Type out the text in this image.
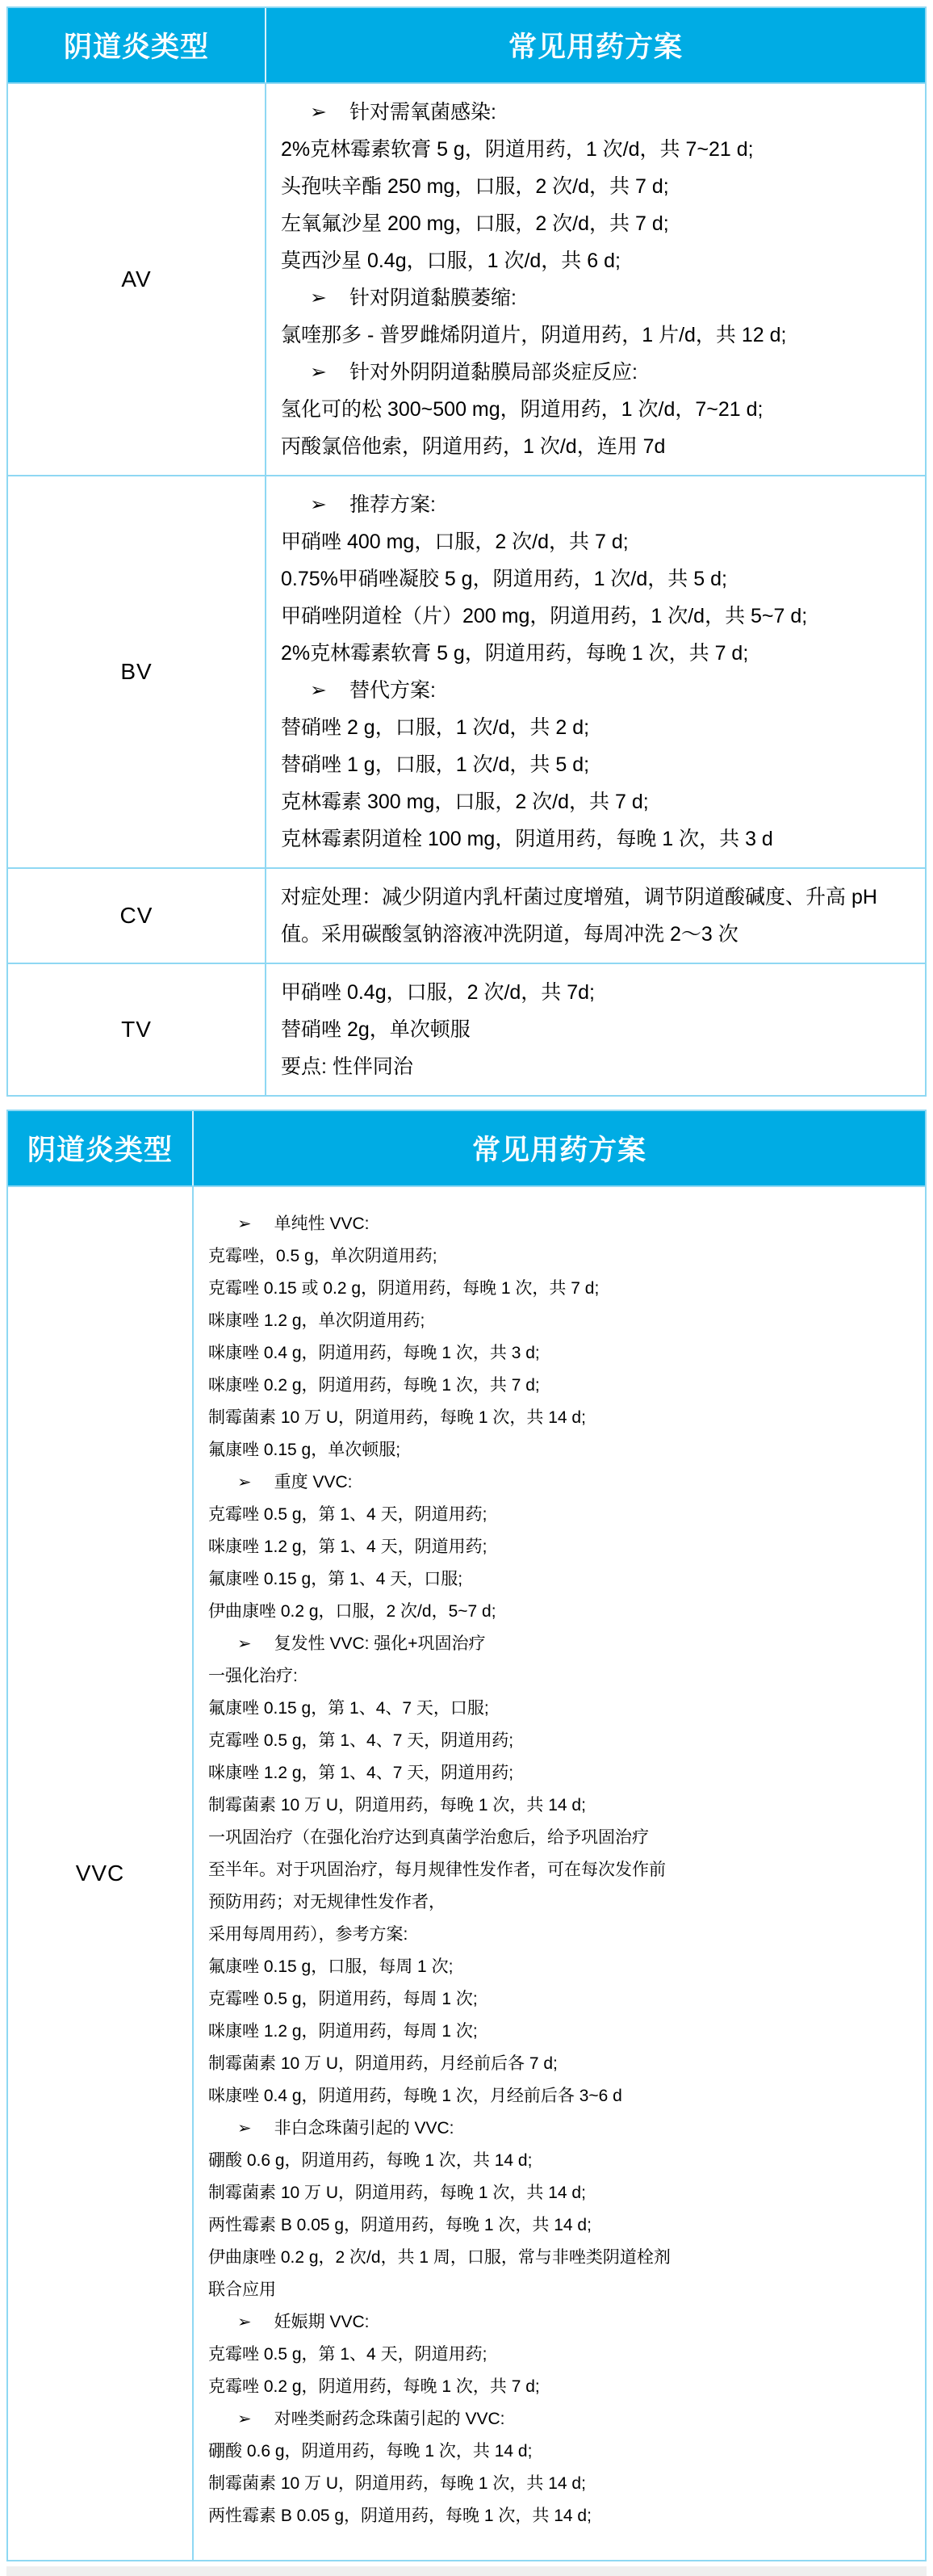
阴道炎类型	常见用药方案
AV
➢ 针对需氧菌感染:
2%克林霉素软膏 5 g，阴道用药，1 次/d，共 7~21 d;
头孢呋辛酯 250 mg，口服，2 次/d，共 7 d;
左氧氟沙星 200 mg，口服，2 次/d，共 7 d;
莫西沙星 0.4g，口服，1 次/d，共 6 d;
➢ 针对阴道黏膜萎缩:
氯喹那多 - 普罗雌烯阴道片，阴道用药，1 片/d，共 12 d;
➢ 针对外阴阴道黏膜局部炎症反应:
氢化可的松 300~500 mg，阴道用药，1 次/d，7~21 d;
丙酸氯倍他索，阴道用药，1 次/d，连用 7d
BV
➢ 推荐方案:
甲硝唑 400 mg，口服，2 次/d，共 7 d;
0.75%甲硝唑凝胶 5 g，阴道用药，1 次/d，共 5 d;
甲硝唑阴道栓（片）200 mg，阴道用药，1 次/d，共 5~7 d;
2%克林霉素软膏 5 g，阴道用药，每晚 1 次，共 7 d;
➢ 替代方案:
替硝唑 2 g，口服，1 次/d，共 2 d;
替硝唑 1 g，口服，1 次/d，共 5 d;
克林霉素 300 mg，口服，2 次/d，共 7 d;
克林霉素阴道栓 100 mg，阴道用药，每晚 1 次，共 3 d
CV
对症处理：减少阴道内乳杆菌过度增殖，调节阴道酸碱度、升高 pH 值。采用碳酸氢钠溶液冲洗阴道，每周冲洗 2～3 次
TV
甲硝唑 0.4g，口服，2 次/d，共 7d;
替硝唑 2g，单次顿服
要点: 性伴同治
阴道炎类型	常见用药方案
VVC
➢ 单纯性 VVC:
克霉唑，0.5 g，单次阴道用药;
克霉唑 0.15 或 0.2 g，阴道用药，每晚 1 次，共 7 d;
咪康唑 1.2 g，单次阴道用药;
咪康唑 0.4 g，阴道用药，每晚 1 次，共 3 d;
咪康唑 0.2 g，阴道用药，每晚 1 次，共 7 d;
制霉菌素 10 万 U，阴道用药，每晚 1 次，共 14 d;
氟康唑 0.15 g，单次顿服;
➢ 重度 VVC:
克霉唑 0.5 g，第 1、4 天，阴道用药;
咪康唑 1.2 g，第 1、4 天，阴道用药;
氟康唑 0.15 g，第 1、4 天，口服;
伊曲康唑 0.2 g，口服，2 次/d，5~7 d;
➢ 复发性 VVC: 强化+巩固治疗
一强化治疗:
氟康唑 0.15 g，第 1、4、7 天，口服;
克霉唑 0.5 g，第 1、4、7 天，阴道用药;
咪康唑 1.2 g，第 1、4、7 天，阴道用药;
制霉菌素 10 万 U，阴道用药，每晚 1 次，共 14 d;
一巩固治疗（在强化治疗达到真菌学治愈后，给予巩固治疗
至半年。对于巩固治疗，每月规律性发作者，可在每次发作前
预防用药；对无规律性发作者，
采用每周用药），参考方案:
氟康唑 0.15 g，口服，每周 1 次;
克霉唑 0.5 g，阴道用药，每周 1 次;
咪康唑 1.2 g，阴道用药，每周 1 次;
制霉菌素 10 万 U，阴道用药，月经前后各 7 d;
咪康唑 0.4 g，阴道用药，每晚 1 次，月经前后各 3~6 d
➢ 非白念珠菌引起的 VVC:
硼酸 0.6 g，阴道用药，每晚 1 次，共 14 d;
制霉菌素 10 万 U，阴道用药，每晚 1 次，共 14 d;
两性霉素 B 0.05 g，阴道用药，每晚 1 次，共 14 d;
伊曲康唑 0.2 g，2 次/d，共 1 周，口服，常与非唑类阴道栓剂
联合应用
➢ 妊娠期 VVC:
克霉唑 0.5 g，第 1、4 天，阴道用药;
克霉唑 0.2 g，阴道用药，每晚 1 次，共 7 d;
➢ 对唑类耐药念珠菌引起的 VVC:
硼酸 0.6 g，阴道用药，每晚 1 次，共 14 d;
制霉菌素 10 万 U，阴道用药，每晚 1 次，共 14 d;
两性霉素 B 0.05 g，阴道用药，每晚 1 次，共 14 d;
